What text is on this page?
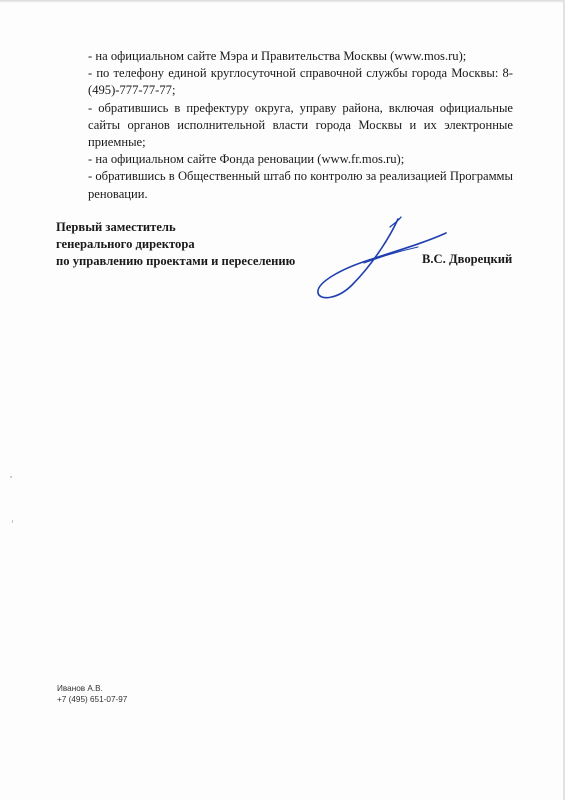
- на официальном сайте Мэра и Правительства Москвы (www.mos.ru);

- по телефону единой круглосуточной справочной службы города Москвы: 8-(495)-777-77-77;

- обратившись в префектуру округа, управу района, включая официальные сайты органов исполнительной власти города Москвы и их электронные приемные;

- на официальном сайте Фонда реновации (www.fr.mos.ru);

- обратившись в Общественный штаб по контролю за реализацией Программы реновации.

Первый заместитель
генерального директора
по управлению проектами и переселению	В.С. Дворецкий
Иванов А.В.
+7 (495) 651-07-97
